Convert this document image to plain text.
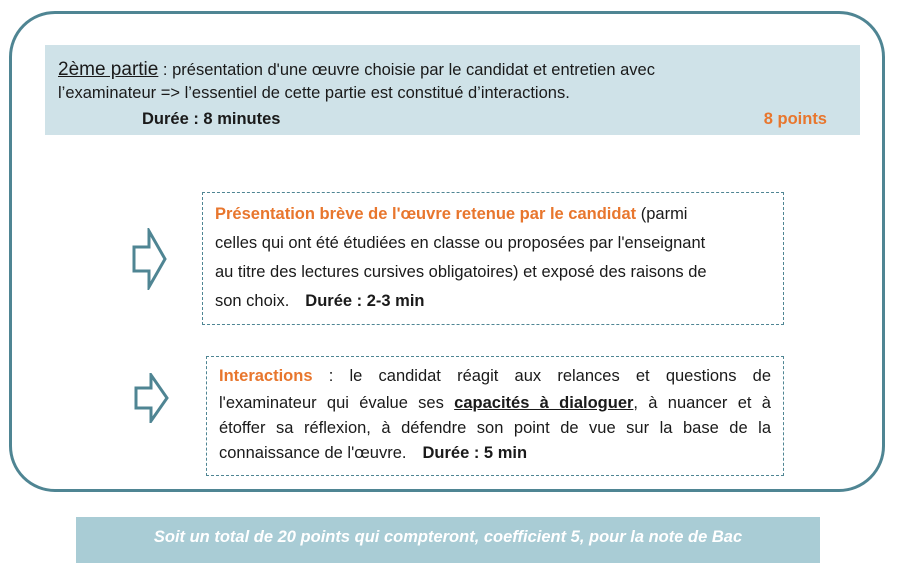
2ème partie : présentation d'une œuvre choisie par le candidat et entretien avec
l’examinateur => l’essentiel de cette partie est constitué d’interactions.
Durée : 8 minutes	8 points
Présentation brève de l'œuvre retenue par le candidat (parmi
celles qui ont été étudiées en classe ou proposées par l'enseignant
au titre des lectures cursives obligatoires) et exposé des raisons de
son choix. Durée : 2-3 min
Interactions : le candidat réagit aux relances et questions de
l'examinateur qui évalue ses capacités à dialoguer, à nuancer et à
étoffer sa réflexion, à défendre son point de vue sur la base de la
connaissance de l'œuvre. Durée : 5 min
Soit un total de 20 points qui compteront, coefficient 5, pour la note de Bac
